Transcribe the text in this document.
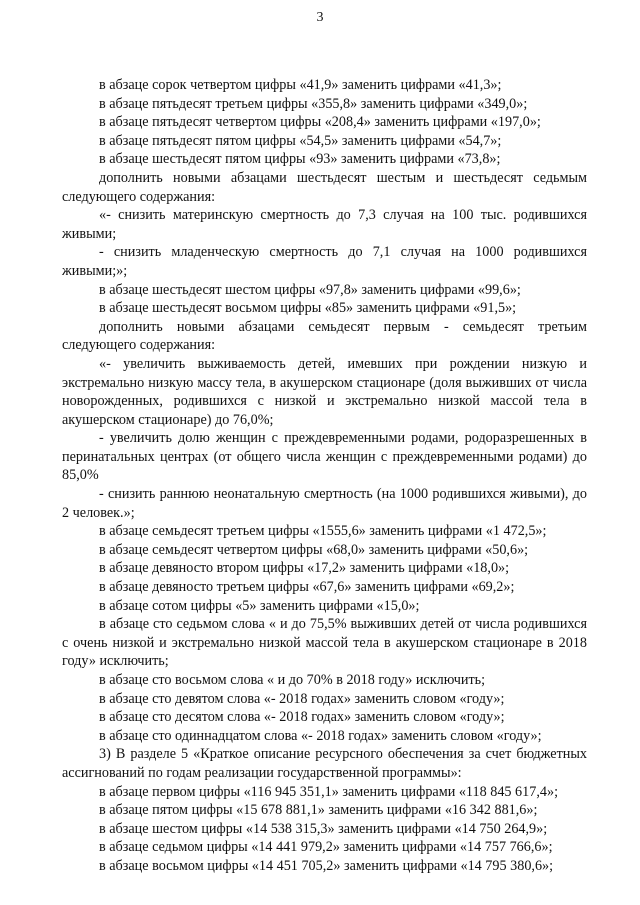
3

в абзаце сорок четвертом цифры «41,9» заменить цифрами «41,3»;

в абзаце пятьдесят третьем цифры «355,8» заменить цифрами «349,0»;

в абзаце пятьдесят четвертом цифры «208,4» заменить цифрами «197,0»;

в абзаце пятьдесят пятом цифры «54,5» заменить цифрами «54,7»;

в абзаце шестьдесят пятом цифры «93» заменить цифрами «73,8»;

дополнить новыми абзацами шестьдесят шестым и шестьдесят седьмым следующего содержания:

«- снизить материнскую смертность до 7,3 случая на 100 тыс. родившихся живыми;

- снизить младенческую смертность до 7,1 случая на 1000 родившихся живыми;»;

в абзаце шестьдесят шестом цифры «97,8» заменить цифрами «99,6»;

в абзаце шестьдесят восьмом цифры «85» заменить цифрами «91,5»;

дополнить новыми абзацами семьдесят первым - семьдесят третьим следующего содержания:

«- увеличить выживаемость детей, имевших при рождении низкую и экстремально низкую массу тела, в акушерском стационаре (доля выживших от числа новорожденных, родившихся с низкой и экстремально низкой массой тела в акушерском стационаре) до 76,0%;

- увеличить долю женщин с преждевременными родами, родоразрешенных в перинатальных центрах (от общего числа женщин с преждевременными родами) до 85,0%

- снизить раннюю неонатальную смертность (на 1000 родившихся живыми), до 2 человек.»;

в абзаце семьдесят третьем цифры «1555,6» заменить цифрами «1 472,5»;

в абзаце семьдесят четвертом цифры «68,0» заменить цифрами «50,6»;

в абзаце девяносто втором цифры «17,2» заменить цифрами «18,0»;

в абзаце девяносто третьем цифры «67,6» заменить цифрами «69,2»;

в абзаце сотом цифры «5» заменить цифрами «15,0»;

в абзаце сто седьмом слова « и до 75,5% выживших детей от числа родившихся с очень низкой и экстремально низкой массой тела в акушерском стационаре в 2018 году» исключить;

в абзаце сто восьмом слова « и до 70% в 2018 году» исключить;

в абзаце сто девятом слова «- 2018 годах» заменить словом «году»;

в абзаце сто десятом слова «- 2018 годах» заменить словом «году»;

в абзаце сто одиннадцатом слова «- 2018 годах» заменить словом «году»;

3) В разделе 5 «Краткое описание ресурсного обеспечения за счет бюджетных ассигнований по годам реализации государственной программы»:

в абзаце первом цифры «116 945 351,1» заменить цифрами «118 845 617,4»;

в абзаце пятом цифры «15 678 881,1» заменить цифрами «16 342 881,6»;

в абзаце шестом цифры «14 538 315,3» заменить цифрами «14 750 264,9»;

в абзаце седьмом цифры «14 441 979,2» заменить цифрами «14 757 766,6»;

в абзаце восьмом цифры «14 451 705,2» заменить цифрами «14 795 380,6»;
